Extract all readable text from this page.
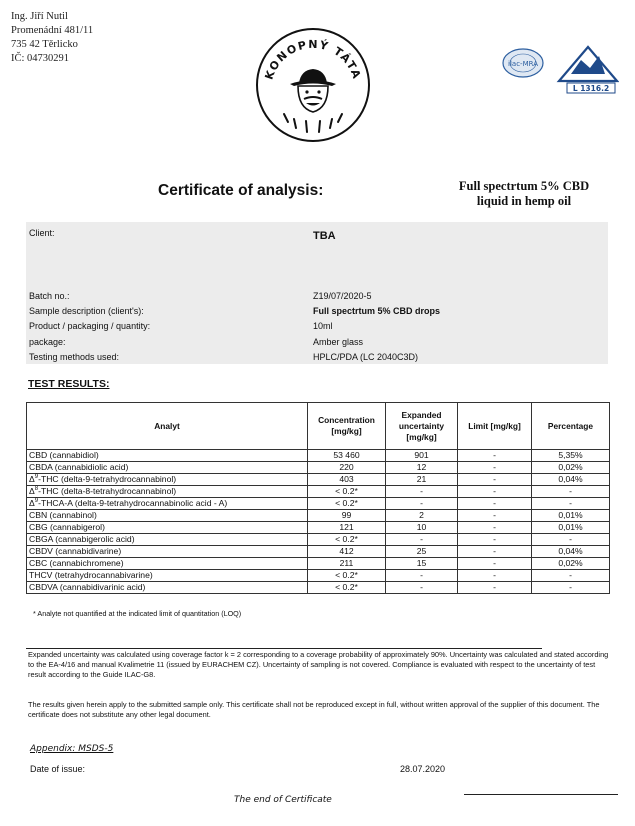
Ing. Jiří Nutil
Promenádní 481/11
735 42 Těrlicko
IČ: 04730291
KONOPNÝ TÁTA
ilac-MRA
L 1316.2
Certificate of analysis:	Full spectrtum 5% CBD
liquid in hemp oil
Client:	TBA
Batch no.:	Z19/07/2020-5
Sample description (client's):	Full spectrtum 5% CBD drops
Product / packaging / quantity:	10ml
package:	Amber glass
Testing methods used:	HPLC/PDA (LC 2040C3D)
TEST RESULTS:
Analyt	Concentration [mg/kg]	Expanded uncertainty [mg/kg]	Limit [mg/kg]	Percentage
CBD (cannabidiol)	53 460	901	-	5,35%
CBDA (cannabidiolic acid)	220	12	-	0,02%
$\Delta^9$-THC (delta-9-tetrahydrocannabinol)	403	21	-	0,04%
$\Delta^8$-THC (delta-8-tetrahydrocannabinol)	< 0.2*	-	-	-
$\Delta^9-THCA-A$ (delta-9-tetrahydrocannabinolic acid - A)	< 0.2*	-	-	-
CBN (cannabinol)	99	2	-	0,01%
CBG (cannabigerol)	121	10	-	0,01%
CBGA (cannabigerolic acid)	< 0.2*	-	-	-
CBDV (cannabidivarine)	412	25	-	0,04%
CBC (cannabichromene)	211	15	-	0,02%
THCV (tetrahydrocannabivarine)	< 0.2*	-	-	-
CBDVA (cannabidivarinic acid)	< 0.2*	-	-	-
* Analyte not quantified at the indicated limit of quantitation (LOQ)
Expanded uncertainty was calculated using coverage factor k = 2 corresponding to a coverage probability of approximately 90%. Uncertainty was calculated and stated according to the EA-4/16 and manual Kvalimetrie 11 (issued by EURACHEM CZ). Uncertainty of sampling is not covered. Compliance is evaluated with respect to the uncertainty of test result according to the Guide ILAC-G8.
The results given herein apply to the submitted sample only. This certificate shall not be reproduced except in full, without written approval of the supplier of this document. The certificate does not substitute any other legal document.
Appendix: MSDS-5
Date of issue:	28.07.2020
The end of Certificate
